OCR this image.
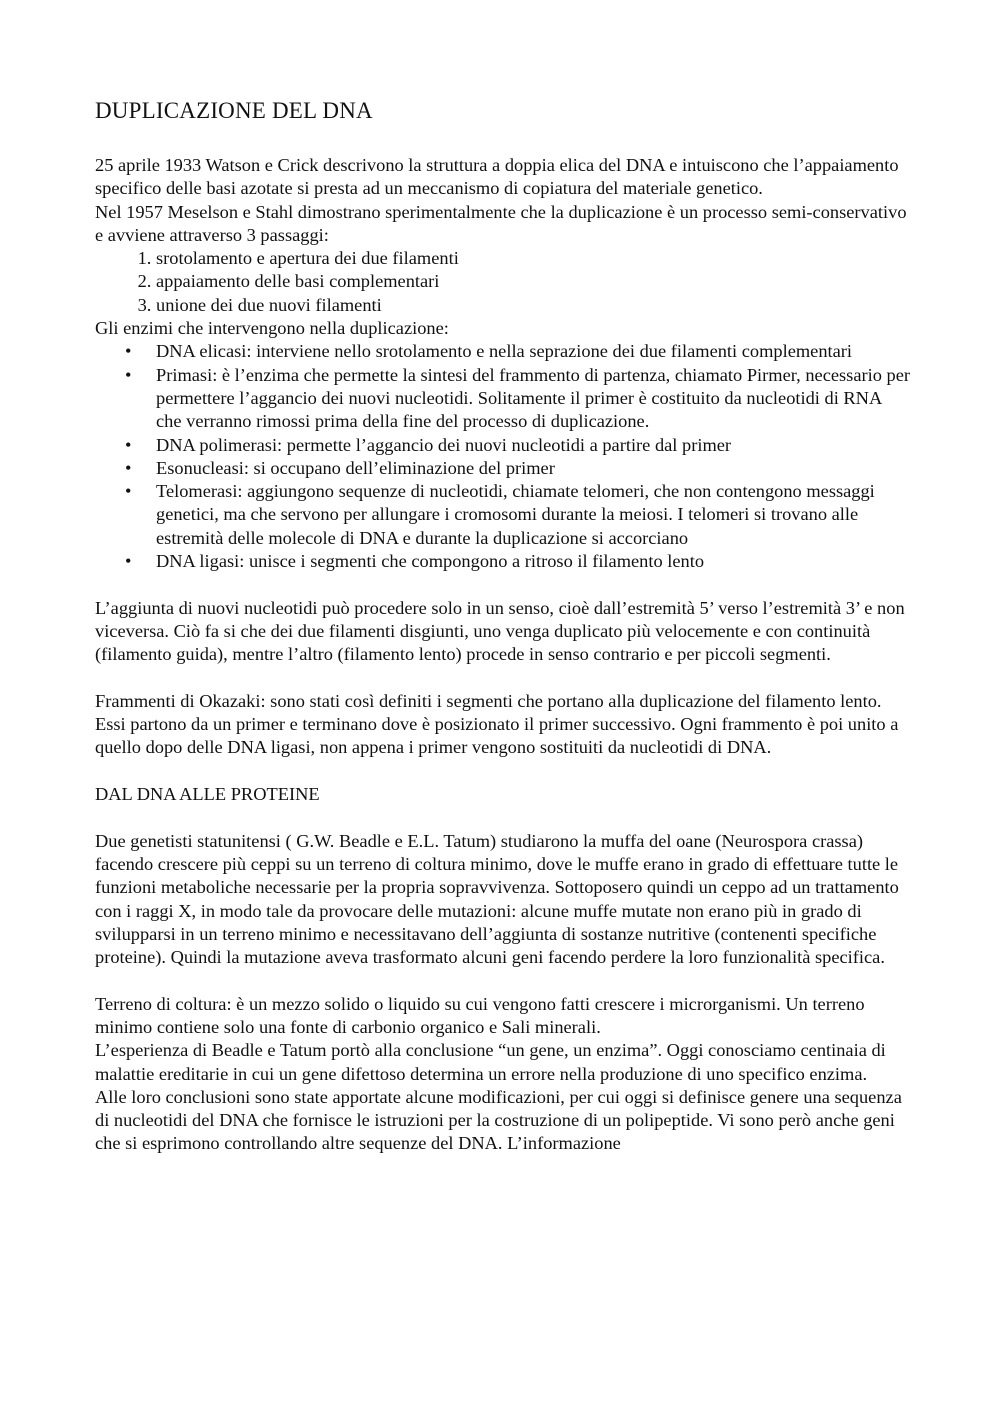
DUPLICAZIONE DEL DNA

25 aprile 1933 Watson e Crick descrivono la struttura a doppia elica del DNA e intuiscono che l’appaiamento specifico delle basi azotate si presta ad un meccanismo di copiatura del materiale genetico.

Nel 1957 Meselson e Stahl dimostrano sperimentalmente che la duplicazione è un processo semi-conservativo e avviene attraverso 3 passaggi:

1. srotolamento e apertura dei due filamenti
2. appaiamento delle basi complementari
3. unione dei due nuovi filamenti

Gli enzimi che intervengono nella duplicazione:

• DNA elicasi: interviene nello srotolamento e nella seprazione dei due filamenti complementari
• Primasi: è l’enzima che permette la sintesi del frammento di partenza, chiamato Pirmer, necessario per permettere l’aggancio dei nuovi nucleotidi. Solitamente il primer è costituito da nucleotidi di RNA che verranno rimossi prima della fine del processo di duplicazione.
• DNA polimerasi: permette l’aggancio dei nuovi nucleotidi a partire dal primer
• Esonucleasi: si occupano dell’eliminazione del primer
• Telomerasi: aggiungono sequenze di nucleotidi, chiamate telomeri, che non contengono messaggi genetici, ma che servono per allungare i cromosomi durante la meiosi. I telomeri si trovano alle estremità delle molecole di DNA e durante la duplicazione si accorciano
• DNA ligasi: unisce i segmenti che compongono a ritroso il filamento lento

L’aggiunta di nuovi nucleotidi può procedere solo in un senso, cioè dall’estremità 5’ verso l’estremità 3’ e non viceversa. Ciò fa si che dei due filamenti disgiunti, uno venga duplicato più velocemente e con continuità (filamento guida), mentre l’altro (filamento lento) procede in senso contrario e per piccoli segmenti.

Frammenti di Okazaki: sono stati così definiti i segmenti che portano alla duplicazione del filamento lento. Essi partono da un primer e terminano dove è posizionato il primer successivo. Ogni frammento è poi unito a quello dopo delle DNA ligasi, non appena i primer vengono sostituiti da nucleotidi di DNA.

DAL DNA ALLE PROTEINE

Due genetisti statunitensi ( G.W. Beadle e E.L. Tatum) studiarono la muffa del oane (Neurospora crassa) facendo crescere più ceppi su un terreno di coltura minimo, dove le muffe erano in grado di effettuare tutte le funzioni metaboliche necessarie per la propria sopravvivenza. Sottoposero quindi un ceppo ad un trattamento con i raggi X, in modo tale da provocare delle mutazioni: alcune muffe mutate non erano più in grado di svilupparsi in un terreno minimo e necessitavano dell’aggiunta di sostanze nutritive (contenenti specifiche proteine). Quindi la mutazione aveva trasformato alcuni geni facendo perdere la loro funzionalità specifica.

Terreno di coltura: è un mezzo solido o liquido su cui vengono fatti crescere i microrganismi. Un terreno minimo contiene solo una fonte di carbonio organico e Sali minerali.

L’esperienza di Beadle e Tatum portò alla conclusione “un gene, un enzima”. Oggi conosciamo centinaia di malattie ereditarie in cui un gene difettoso determina un errore nella produzione di uno specifico enzima.

Alle loro conclusioni sono state apportate alcune modificazioni, per cui oggi si definisce genere una sequenza di nucleotidi del DNA che fornisce le istruzioni per la costruzione di un polipeptide. Vi sono però anche geni che si esprimono controllando altre sequenze del DNA. L’informazione
